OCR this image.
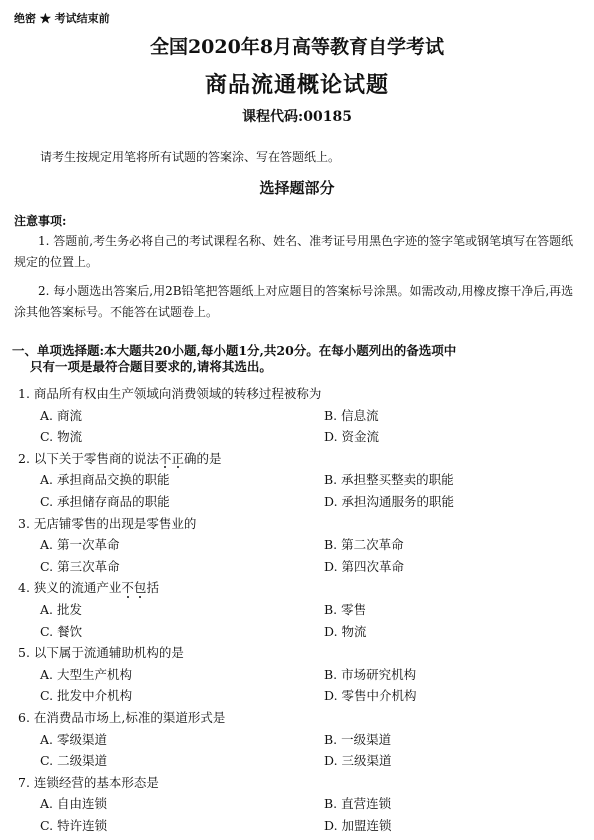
绝密 ★ 考试结束前
全国2020年8月高等教育自学考试
商品流通概论试题
课程代码:00185
请考生按规定用笔将所有试题的答案涂、写在答题纸上。
选择题部分
注意事项:
1. 答题前,考生务必将自己的考试课程名称、姓名、准考证号用黑色字迹的签字笔或钢笔填写在答题纸规定的位置上。
2. 每小题选出答案后,用2B铅笔把答题纸上对应题目的答案标号涂黑。如需改动,用橡皮擦干净后,再选涂其他答案标号。不能答在试题卷上。
一、单项选择题:本大题共20小题,每小题1分,共20分。在每小题列出的备选项中
只有一项是最符合题目要求的,请将其选出。
1. 商品所有权由生产领域向消费领域的转移过程被称为
A. 商流	B. 信息流
C. 物流	D. 资金流
2. 以下关于零售商的说法不正确的是
A. 承担商品交换的职能	B. 承担整买整卖的职能
C. 承担储存商品的职能	D. 承担沟通服务的职能
3. 无店铺零售的出现是零售业的
A. 第一次革命	B. 第二次革命
C. 第三次革命	D. 第四次革命
4. 狭义的流通产业不包括
A. 批发	B. 零售
C. 餐饮	D. 物流
5. 以下属于流通辅助机构的是
A. 大型生产机构	B. 市场研究机构
C. 批发中介机构	D. 零售中介机构
6. 在消费品市场上,标准的渠道形式是
A. 零级渠道	B. 一级渠道
C. 二级渠道	D. 三级渠道
7. 连锁经营的基本形态是
A. 自由连锁	B. 直营连锁
C. 特许连锁	D. 加盟连锁
